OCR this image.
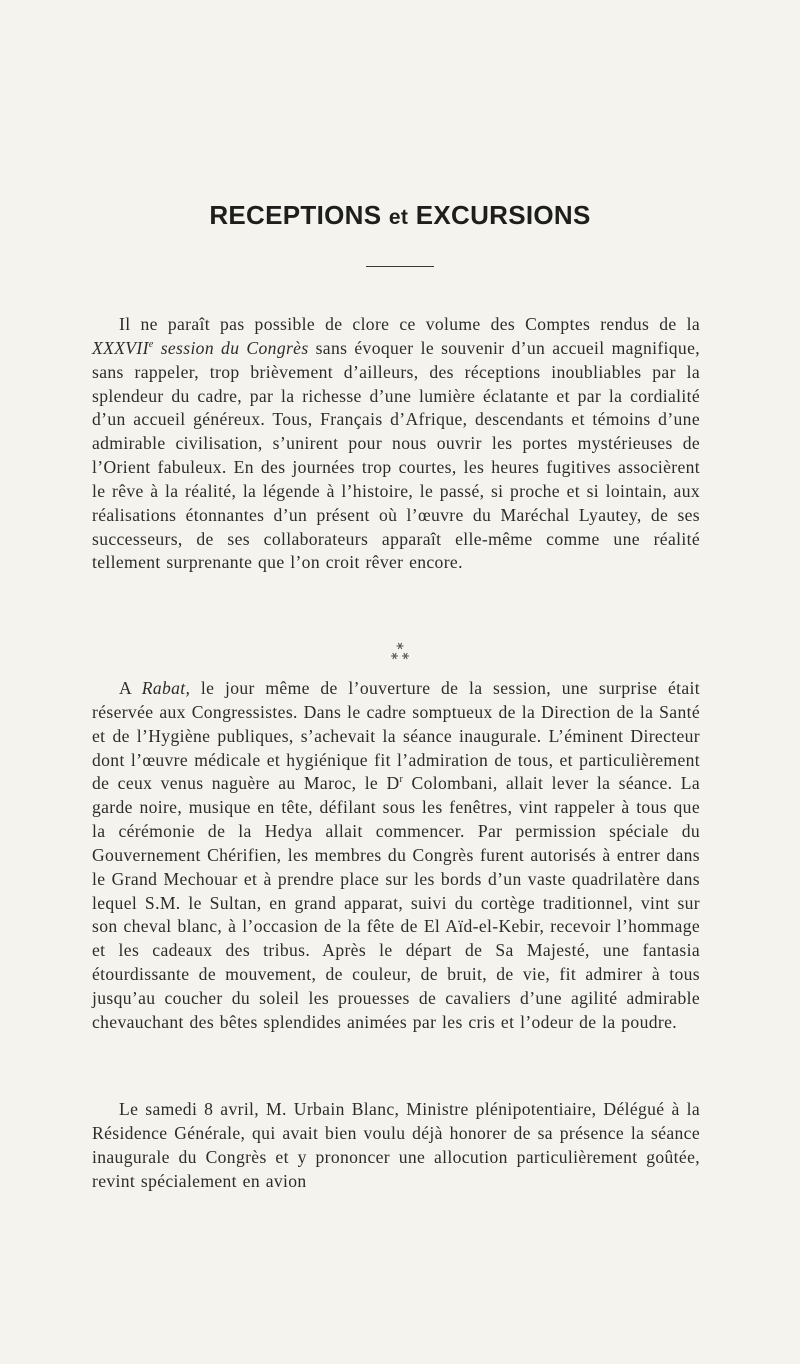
RECEPTIONS et EXCURSIONS

Il ne paraît pas possible de clore ce volume des Comptes rendus de la XXXVIIe session du Congrès sans évoquer le souvenir d’un accueil magnifique, sans rappeler, trop brièvement d’ailleurs, des réceptions inoubliables par la splendeur du cadre, par la richesse d’une lumière éclatante et par la cordialité d’un accueil généreux. Tous, Français d’Afrique, descendants et témoins d’une admirable civilisation, s’unirent pour nous ouvrir les portes mystérieuses de l’Orient fabuleux. En des journées trop courtes, les heures fugitives associèrent le rêve à la réalité, la légende à l’histoire, le passé, si proche et si lointain, aux réalisations étonnantes d’un présent où l’œuvre du Maréchal Lyautey, de ses successeurs, de ses collaborateurs apparaît elle-même comme une réalité tellement surprenante que l’on croit rêver encore.

A Rabat, le jour même de l’ouverture de la session, une surprise était réservée aux Congressistes. Dans le cadre somptueux de la Direction de la Santé et de l’Hygiène publiques, s’achevait la séance inaugurale. L’éminent Directeur dont l’œuvre médicale et hygiénique fit l’admiration de tous, et particulièrement de ceux venus naguère au Maroc, le $D^r$ Colombani, allait lever la séance. La garde noire, musique en tête, défilant sous les fenêtres, vint rappeler à tous que la cérémonie de la Hedya allait commencer. Par permission spéciale du Gouvernement Chérifien, les membres du Congrès furent autorisés à entrer dans le Grand Mechouar et à prendre place sur les bords d’un vaste quadrilatère dans lequel S.M. le Sultan, en grand apparat, suivi du cortège traditionnel, vint sur son cheval blanc, à l’occasion de la fête de El Aïd-el-Kebir, recevoir l’hommage et les cadeaux des tribus. Après le départ de Sa Majesté, une fantasia étourdissante de mouvement, de couleur, de bruit, de vie, fit admirer à tous jusqu’au coucher du soleil les prouesses de cavaliers d’une agilité admirable chevauchant des bêtes splendides animées par les cris et l’odeur de la poudre.

Le samedi 8 avril, M. Urbain Blanc, Ministre plénipotentiaire, Délégué à la Résidence Générale, qui avait bien voulu déjà honorer de sa présence la séance inaugurale du Congrès et y prononcer une allocution particulièrement goûtée, revint spécialement en avion
